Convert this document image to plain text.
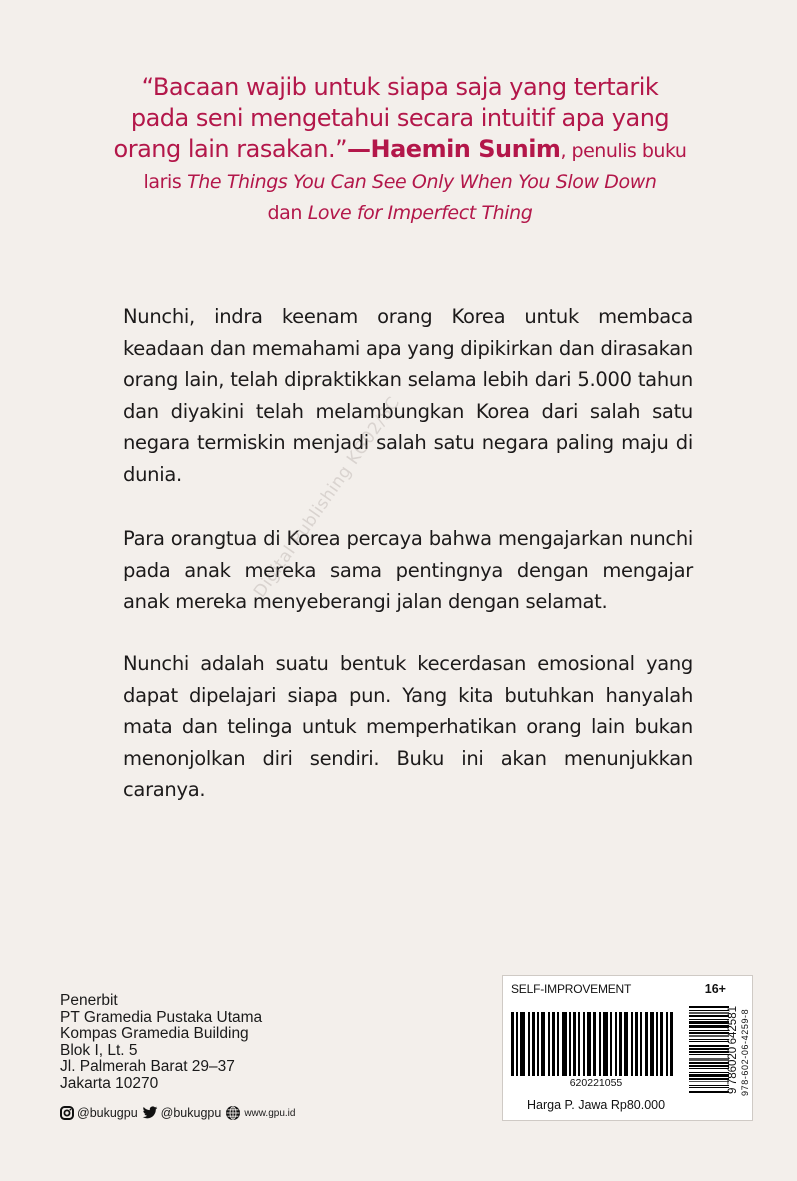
“Bacaan wajib untuk siapa saja yang tertarik
pada seni mengetahui secara intuitif apa yang
orang lain rasakan.”—Haemin Sunim, penulis buku
laris The Things You Can See Only When You Slow Down
dan Love for Imperfect Thing

Nunchi, indra keenam orang Korea untuk membaca keadaan dan memahami apa yang dipikirkan dan dirasakan orang lain, telah dipraktikkan selama lebih dari 5.000 tahun dan diyakini telah melambungkan Korea dari salah satu negara termiskin menjadi salah satu negara paling maju di dunia.

Para orangtua di Korea percaya bahwa mengajarkan nunchi pada anak mereka sama pentingnya dengan mengajar anak mereka menyeberangi jalan dengan selamat.

Nunchi adalah suatu bentuk kecerdasan emosional yang dapat dipelajari siapa pun. Yang kita butuhkan hanyalah mata dan telinga untuk memperhatikan orang lain bukan menonjolkan diri sendiri. Buku ini akan menunjukkan caranya.

Digital Publishing KG02/SC
Penerbit
PT Gramedia Pustaka Utama
Kompas Gramedia Building
Blok I, Lt. 5
Jl. Palmerah Barat 29–37
Jakarta 10270
@bukugpu @bukugpu www.gpu.id
SELF-IMPROVEMENT	16+
620221055
Harga P. Jawa Rp80.000
9
786020
642581 978-602-06-4259-8
